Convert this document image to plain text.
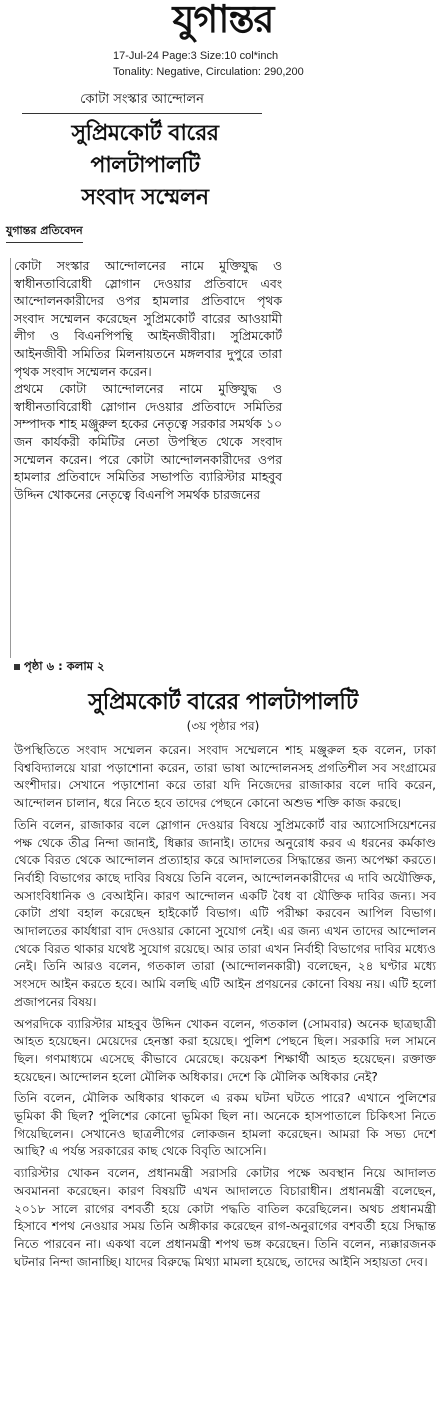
যুগান্তর
17-Jul-24 Page:3 Size:10 col*inch
Tonality: Negative, Circulation: 290,200
কোটা সংস্কার আন্দোলন
সুপ্রিমকোর্ট বারের
পালটাপালটি
সংবাদ সম্মেলন
যুগান্তর প্রতিবেদন

কোটা সংস্কার আন্দোলনের নামে মুক্তিযুদ্ধ ও স্বাধীনতাবিরোধী স্লোগান দেওয়ার প্রতিবাদে এবং আন্দোলনকারীদের ওপর হামলার প্রতিবাদে পৃথক সংবাদ সম্মেলন করেছেন সুপ্রিমকোর্ট বারের আওয়ামী লীগ ও বিএনপিপন্থি আইনজীবীরা। সুপ্রিমকোর্ট আইনজীবী সমিতির মিলনায়তনে মঙ্গলবার দুপুরে তারা পৃথক সংবাদ সম্মেলন করেন।

প্রথমে কোটা আন্দোলনের নামে মুক্তিযুদ্ধ ও স্বাধীনতাবিরোধী স্লোগান দেওয়ার প্রতিবাদে সমিতির সম্পাদক শাহ মঞ্জুরুল হকের নেতৃত্বে সরকার সমর্থক ১০ জন কার্যকরী কমিটির নেতা উপস্থিত থেকে সংবাদ সম্মেলন করেন। পরে কোটা আন্দোলনকারীদের ওপর হামলার প্রতিবাদে সমিতির সভাপতি ব্যারিস্টার মাহবুব উদ্দিন খোকনের নেতৃত্বে বিএনপি সমর্থক চারজনের

পৃষ্ঠা ৬ : কলাম ২
সুপ্রিমকোর্ট বারের পালটাপালটি
(৩য় পৃষ্ঠার পর)

উপস্থিতিতে সংবাদ সম্মেলন করেন। সংবাদ সম্মেলনে শাহ মঞ্জুরুল হক বলেন, ঢাকা বিশ্ববিদ্যালয়ে যারা পড়াশোনা করেন, তারা ভাষা আন্দোলনসহ প্রগতিশীল সব সংগ্রামের অংশীদার। সেখানে পড়াশোনা করে তারা যদি নিজেদের রাজাকার বলে দাবি করেন, আন্দোলন চালান, ধরে নিতে হবে তাদের পেছনে কোনো অশুভ শক্তি কাজ করছে।

তিনি বলেন, রাজাকার বলে স্লোগান দেওয়ার বিষয়ে সুপ্রিমকোর্ট বার অ্যাসোসিয়েশনের পক্ষ থেকে তীব্র নিন্দা জানাই, ধিক্কার জানাই। তাদের অনুরোধ করব এ ধরনের কর্মকাণ্ড থেকে বিরত থেকে আন্দোলন প্রত্যাহার করে আদালতের সিদ্ধান্তের জন্য অপেক্ষা করতে। নির্বাহী বিভাগের কাছে দাবির বিষয়ে তিনি বলেন, আন্দোলনকারীদের এ দাবি অযৌক্তিক, অসাংবিধানিক ও বেআইনি। কারণ আন্দোলন একটি বৈধ বা যৌক্তিক দাবির জন্য। সব কোটা প্রথা বহাল করেছেন হাইকোর্ট বিভাগ। এটি পরীক্ষা করবেন আপিল বিভাগ। আদালতের কার্যধারা বাদ দেওয়ার কোনো সুযোগ নেই। এর জন্য এখন তাদের আন্দোলন থেকে বিরত থাকার যথেষ্ট সুযোগ রয়েছে। আর তারা এখন নির্বাহী বিভাগের দাবির মধ্যেও নেই। তিনি আরও বলেন, গতকাল তারা (আন্দোলনকারী) বলেছেন, ২৪ ঘণ্টার মধ্যে সংসদে আইন করতে হবে। আমি বলছি এটি আইন প্রণয়নের কোনো বিষয় নয়। এটি হলো প্রজাপনের বিষয়।

অপরদিকে ব্যারিস্টার মাহবুব উদ্দিন খোকন বলেন, গতকাল (সোমবার) অনেক ছাত্রছাত্রী আহত হয়েছেন। মেয়েদের হেনস্তা করা হয়েছে। পুলিশ পেছনে ছিল। সরকারি দল সামনে ছিল। গণমাধ্যমে এসেছে কীভাবে মেরেছে। কয়েকশ শিক্ষার্থী আহত হয়েছেন। রক্তাক্ত হয়েছেন। আন্দোলন হলো মৌলিক অধিকার। দেশে কি মৌলিক অধিকার নেই?

তিনি বলেন, মৌলিক অধিকার থাকলে এ রকম ঘটনা ঘটতে পারে? এখানে পুলিশের ভূমিকা কী ছিল? পুলিশের কোনো ভূমিকা ছিল না। অনেকে হাসপাতালে চিকিৎসা নিতে গিয়েছিলেন। সেখানেও ছাত্রলীগের লোকজন হামলা করেছেন। আমরা কি সভ্য দেশে আছি? এ পর্যন্ত সরকারের কাছ থেকে বিবৃতি আসেনি।

ব্যারিস্টার খোকন বলেন, প্রধানমন্ত্রী সরাসরি কোটার পক্ষে অবস্থান নিয়ে আদালত অবমাননা করেছেন। কারণ বিষয়টি এখন আদালতে বিচারাধীন। প্রধানমন্ত্রী বলেছেন, ২০১৮ সালে রাগের বশবর্তী হয়ে কোটা পদ্ধতি বাতিল করেছিলেন। অথচ প্রধানমন্ত্রী হিসাবে শপথ নেওয়ার সময় তিনি অঙ্গীকার করেছেন রাগ-অনুরাগের বশবর্তী হয়ে সিদ্ধান্ত নিতে পারবেন না। একথা বলে প্রধানমন্ত্রী শপথ ভঙ্গ করেছেন। তিনি বলেন, ন্যক্কারজনক ঘটনার নিন্দা জানাচ্ছি। যাদের বিরুদ্ধে মিথ্যা মামলা হয়েছে, তাদের আইনি সহায়তা দেব।
